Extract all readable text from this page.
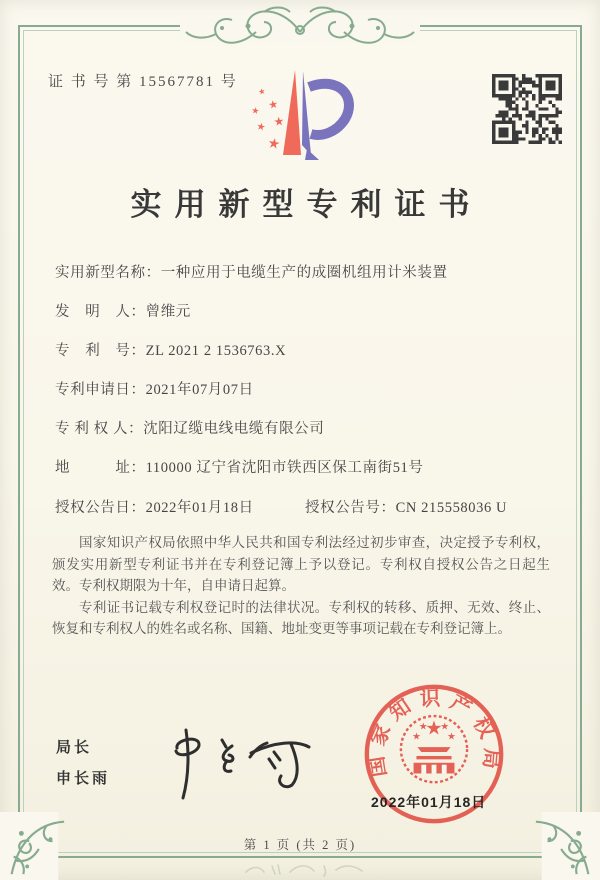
证 书 号 第 15567781 号
★
★ ★
★ ★
★
实用新型专利证书
实用新型名称：一种应用于电缆生产的成圈机组用计米装置
发　明　人：曾维元
专　利　号：ZL 2021 2 1536763.X
专利申请日：2021年07月07日
专 利 权 人：沈阳辽缆电线电缆有限公司
地　　　址：110000 辽宁省沈阳市铁西区保工南街51号
授权公告日：2022年01月18日	授权公告号：CN 215558036 U

国家知识产权局依照中华人民共和国专利法经过初步审查，决定授予专利权，颁发实用新型专利证书并在专利登记簿上予以登记。专利权自授权公告之日起生效。专利权期限为十年，自申请日起算。

专利证书记载专利权登记时的法律状况。专利权的转移、质押、无效、终止、恢复和专利权人的姓名或名称、国籍、地址变更等事项记载在专利登记簿上。

局长
申长雨
国家知识产权局
★
★
★ ★
★
2022年01月18日
第 1 页 (共 2 页)
